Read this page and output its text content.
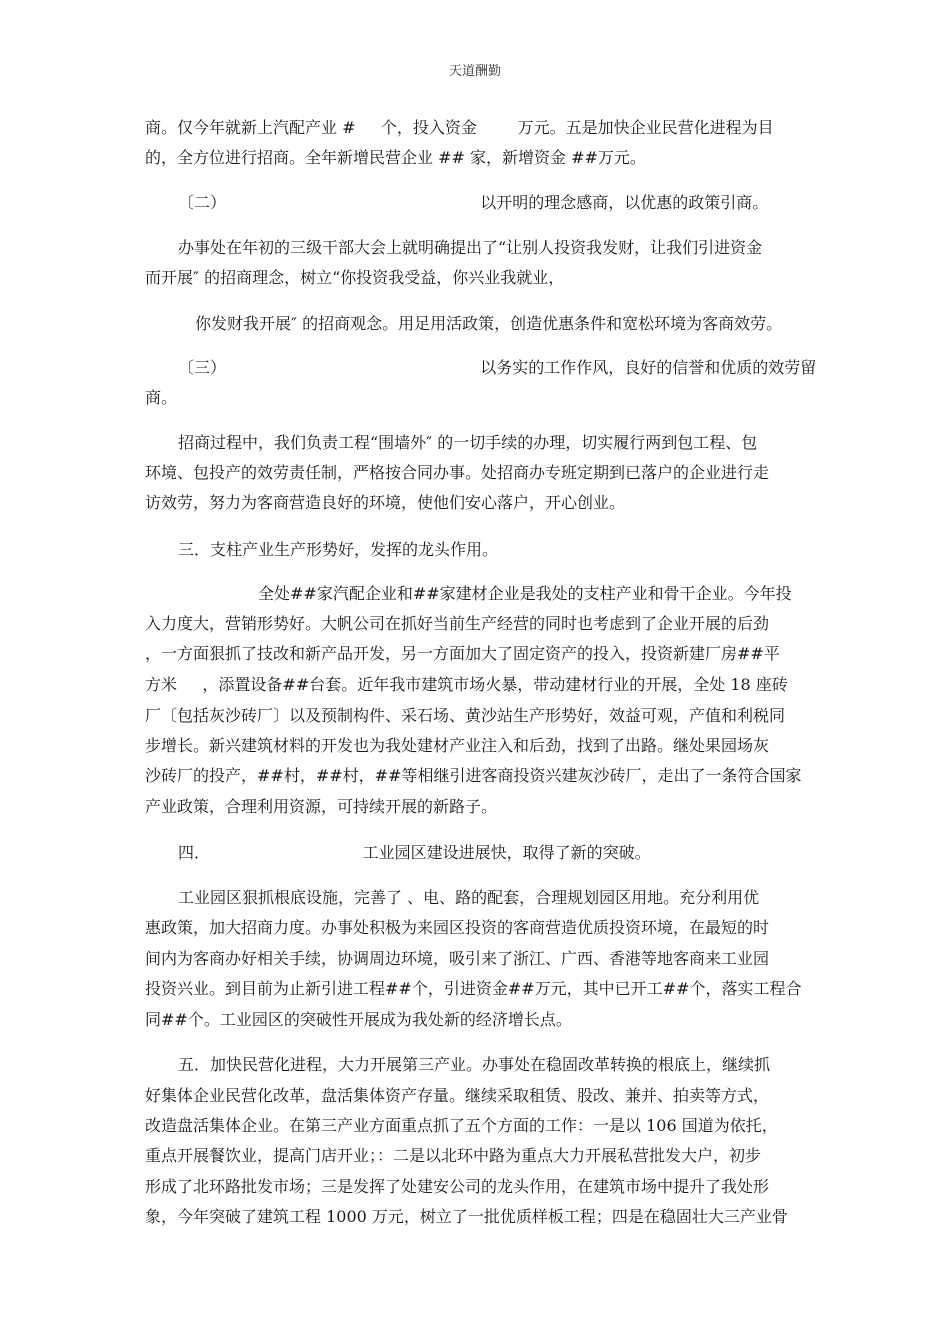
天道酬勤
商。仅今年就新上汽配产业 #     个，投入资金        万元。五是加快企业民营化进程为目
的，全方位进行招商。全年新增民营企业 ## 家，新增资金 ##万元。
〔二）                                                  以开明的理念感商，以优惠的政策引商。
办事处在年初的三级干部大会上就明确提出了“让别人投资我发财，让我们引进资金
而开展″ 的招商理念，树立“你投资我受益，你兴业我就业，
你发财我开展″ 的招商观念。用足用活政策，创造优惠条件和宽松环境为客商效劳。
〔三）                                                  以务实的工作作风，良好的信誉和优质的效劳留
商。
招商过程中，我们负责工程“围墙外″ 的一切手续的办理，切实履行两到包工程、包
环境、包投产的效劳责任制，严格按合同办事。处招商办专班定期到已落户的企业进行走
访效劳，努力为客商营造良好的环境，使他们安心落户，开心创业。
三．支柱产业生产形势好，发挥的龙头作用。
全处##家汽配企业和##家建材企业是我处的支柱产业和骨干企业。今年投
入力度大，营销形势好。大帆公司在抓好当前生产经营的同时也考虑到了企业开展的后劲
，一方面狠抓了技改和新产品开发，另一方面加大了固定资产的投入，投资新建厂房##平
方米     ，添置设备##台套。近年我市建筑市场火暴，带动建材行业的开展，全处 18 座砖
厂〔包括灰沙砖厂〕以及预制构件、采石场、黄沙站生产形势好，效益可观，产值和利税同
步增长。新兴建筑材料的开发也为我处建材产业注入和后劲，找到了出路。继处果园场灰
沙砖厂的投产，##村，##村，##等相继引进客商投资兴建灰沙砖厂，走出了一条符合国家
产业政策，合理利用资源，可持续开展的新路子。
四．                              工业园区建设进展快，取得了新的突破。
工业园区狠抓根底设施，完善了 、电、路的配套，合理规划园区用地。充分利用优
惠政策，加大招商力度。办事处积极为来园区投资的客商营造优质投资环境，在最短的时
间内为客商办好相关手续，协调周边环境，吸引来了浙江、广西、香港等地客商来工业园
投资兴业。到目前为止新引进工程##个，引进资金##万元，其中已开工##个，落实工程合
同##个。工业园区的突破性开展成为我处新的经济增长点。
五．加快民营化进程，大力开展第三产业。办事处在稳固改革转换的根底上，继续抓
好集体企业民营化改革，盘活集体资产存量。继续采取租赁、股改、兼并、拍卖等方式，
改造盘活集体企业。在第三产业方面重点抓了五个方面的工作：一是以 106 国道为依托，
重点开展餐饮业，提高门店开业；：二是以北环中路为重点大力开展私营批发大户，初步
形成了北环路批发市场；三是发挥了处建安公司的龙头作用，在建筑市场中提升了我处形
象，今年突破了建筑工程 1000 万元，树立了一批优质样板工程；四是在稳固壮大三产业骨
